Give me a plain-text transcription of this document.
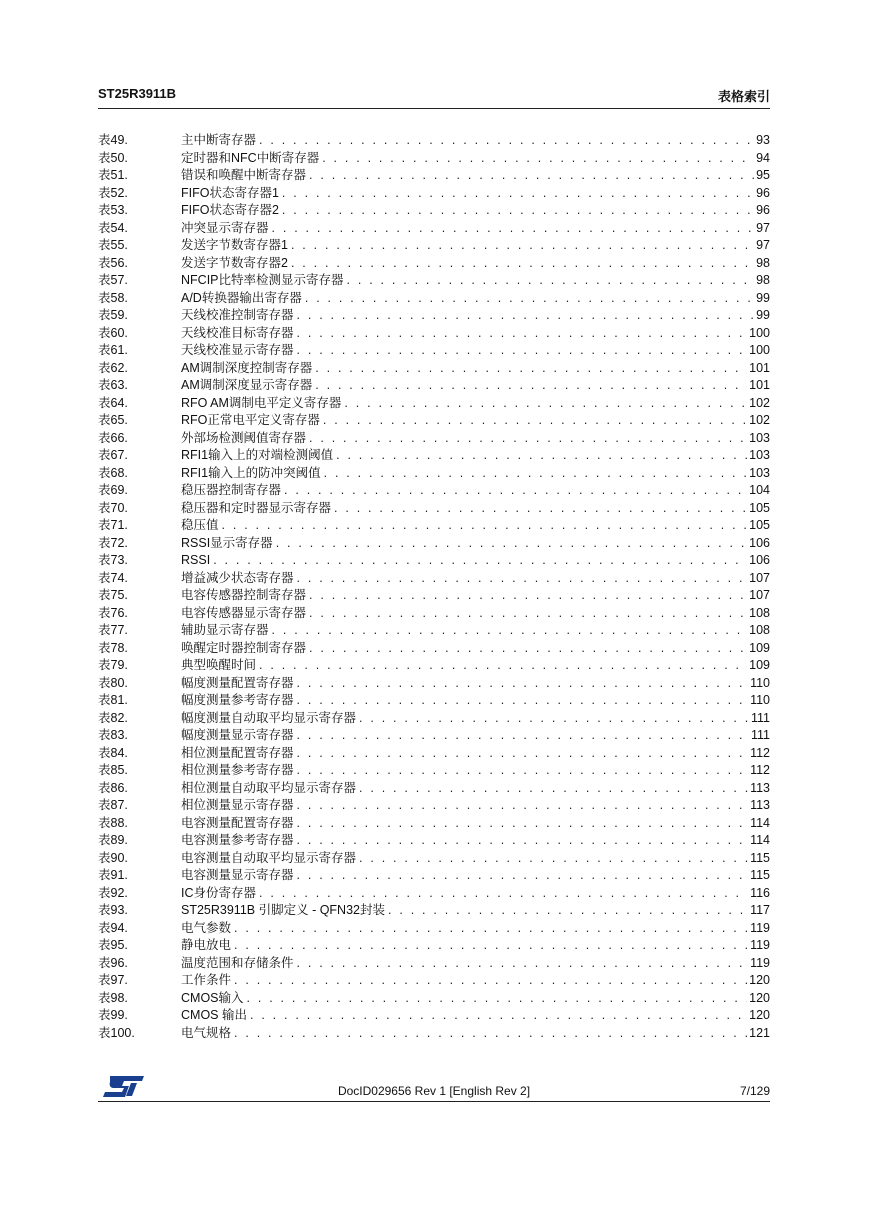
ST25R3911B	表格索引
表49.	主中断寄存器 . . .	93
表50.	定时器和NFC中断寄存器 . . .	94
表51.	错误和唤醒中断寄存器 . . .	95
表52.	FIFO状态寄存器1 . . .	96
表53.	FIFO状态寄存器2 . . .	96
表54.	冲突显示寄存器 . . .	97
表55.	发送字节数寄存器1 . . .	97
表56.	发送字节数寄存器2 . . .	98
表57.	NFCIP比特率检测显示寄存器 . . .	98
表58.	A/D转换器输出寄存器 . . .	99
表59.	天线校准控制寄存器 . . .	99
表60.	天线校准目标寄存器 . . .	100
表61.	天线校准显示寄存器 . . .	100
表62.	AM调制深度控制寄存器 . . .	101
表63.	AM调制深度显示寄存器 . . .	101
表64.	RFO AM调制电平定义寄存器 . . .	102
表65.	RFO正常电平定义寄存器 . . .	102
表66.	外部场检测阈值寄存器 . . .	103
表67.	RFI1输入上的对端检测阈值 . . .	103
表68.	RFI1输入上的防冲突阈值 . . .	103
表69.	稳压器控制寄存器 . . .	104
表70.	稳压器和定时器显示寄存器 . . .	105
表71.	稳压值 . . .	105
表72.	RSSI显示寄存器 . . .	106
表73.	RSSI . . .	106
表74.	增益减少状态寄存器 . . .	107
表75.	电容传感器控制寄存器 . . .	107
表76.	电容传感器显示寄存器 . . .	108
表77.	辅助显示寄存器 . . .	108
表78.	唤醒定时器控制寄存器 . . .	109
表79.	典型唤醒时间 . . .	109
表80.	幅度测量配置寄存器 . . .	110
表81.	幅度测量参考寄存器 . . .	110
表82.	幅度测量自动取平均显示寄存器 . . .	111
表83.	幅度测量显示寄存器 . . .	111
表84.	相位测量配置寄存器 . . .	112
表85.	相位测量参考寄存器 . . .	112
表86.	相位测量自动取平均显示寄存器 . . .	113
表87.	相位测量显示寄存器 . . .	113
表88.	电容测量配置寄存器 . . .	114
表89.	电容测量参考寄存器 . . .	114
表90.	电容测量自动取平均显示寄存器 . . .	115
表91.	电容测量显示寄存器 . . .	115
表92.	IC身份寄存器 . . .	116
表93.	ST25R3911B 引脚定义 - QFN32封装 . . .	117
表94.	电气参数 . . .	119
表95.	静电放电 . . .	119
表96.	温度范围和存储条件 . . .	119
表97.	工作条件 . . .	120
表98.	CMOS输入 . . .	120
表99.	CMOS 输出 . . .	120
表100.	电气规格 . . .	121
DocID029656 Rev 1 [English Rev 2]	7/129
